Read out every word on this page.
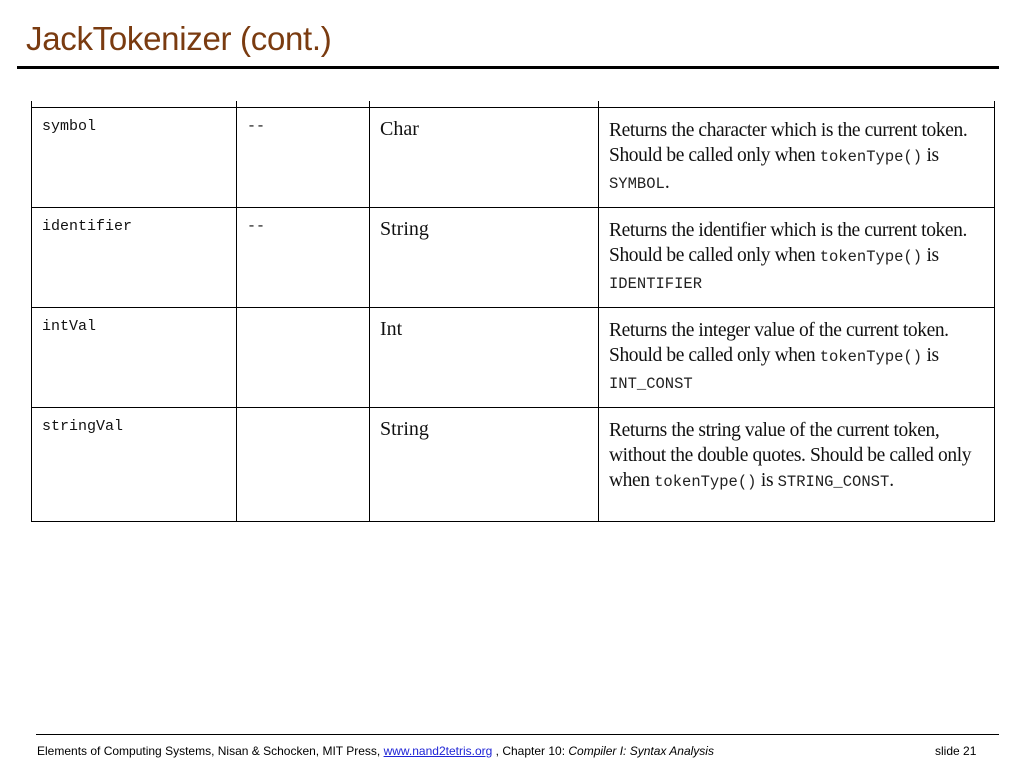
JackTokenizer (cont.)

symbol	--	Char	Returns the character which is the current token. Should be called only when tokenType() is SYMBOL.
identifier	--	String	Returns the identifier which is the current token. Should be called only when tokenType() is IDENTIFIER
intVal		Int	Returns the integer value of the current token. Should be called only when tokenType() is INT_CONST
stringVal		String	Returns the string value of the current token, without the double quotes. Should be called only when tokenType() is STRING_CONST.
Elements of Computing Systems, Nisan & Schocken, MIT Press, www.nand2tetris.org , Chapter 10: Compiler I: Syntax Analysis	slide 21
